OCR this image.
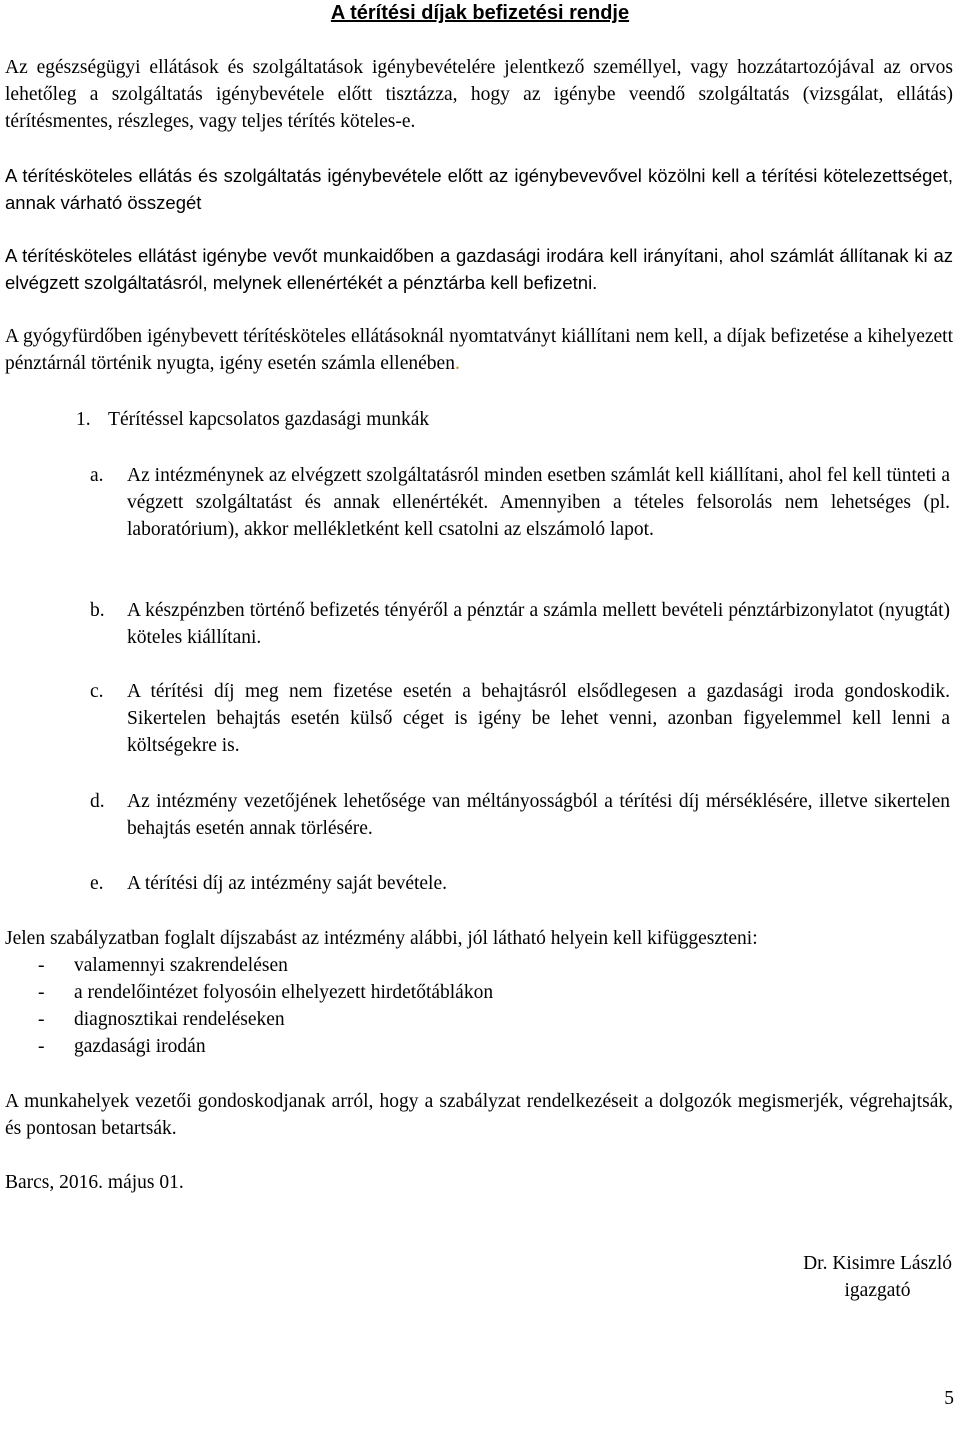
A térítési díjak befizetési rendje
Az egészségügyi ellátások és szolgáltatások igénybevételére jelentkező személlyel, vagy hozzátartozójával az orvos lehetőleg a szolgáltatás igénybevétele előtt tisztázza, hogy az igénybe veendő szolgáltatás (vizsgálat, ellátás) térítésmentes, részleges, vagy teljes térítés köteles-e.
A térítésköteles ellátás és szolgáltatás igénybevétele előtt az igénybevevővel közölni kell a térítési kötelezettséget, annak várható összegét
A térítésköteles ellátást igénybe vevőt munkaidőben a gazdasági irodára kell irányítani, ahol számlát állítanak ki az elvégzett szolgáltatásról, melynek ellenértékét a pénztárba kell befizetni.
A gyógyfürdőben igénybevett térítésköteles ellátásoknál nyomtatványt kiállítani nem kell, a díjak befizetése a kihelyezett pénztárnál történik nyugta, igény esetén számla ellenében.
1. Térítéssel kapcsolatos gazdasági munkák
a.	Az intézménynek az elvégzett szolgáltatásról minden esetben számlát kell kiállítani, ahol fel kell tünteti a végzett szolgáltatást és annak ellenértékét. Amennyiben a tételes felsorolás nem lehetséges (pl. laboratórium), akkor mellékletként kell csatolni az elszámoló lapot.
b.	A készpénzben történő befizetés tényéről a pénztár a számla mellett bevételi pénztárbizonylatot (nyugtát) köteles kiállítani.
c.	A térítési díj meg nem fizetése esetén a behajtásról elsődlegesen a gazdasági iroda gondoskodik. Sikertelen behajtás esetén külső céget is igény be lehet venni, azonban figyelemmel kell lenni a költségekre is.
d.	Az intézmény vezetőjének lehetősége van méltányosságból a térítési díj mérséklésére, illetve sikertelen behajtás esetén annak törlésére.
e.	A térítési díj az intézmény saját bevétele.
Jelen szabályzatban foglalt díjszabást az intézmény alábbi, jól látható helyein kell kifüggeszteni:
- valamennyi szakrendelésen
- a rendelőintézet folyosóin elhelyezett hirdetőtáblákon
- diagnosztikai rendeléseken
- gazdasági irodán
A munkahelyek vezetői gondoskodjanak arról, hogy a szabályzat rendelkezéseit a dolgozók megismerjék, végrehajtsák, és pontosan betartsák.
Barcs, 2016. május 01.
Dr. Kisimre László
igazgató
5
